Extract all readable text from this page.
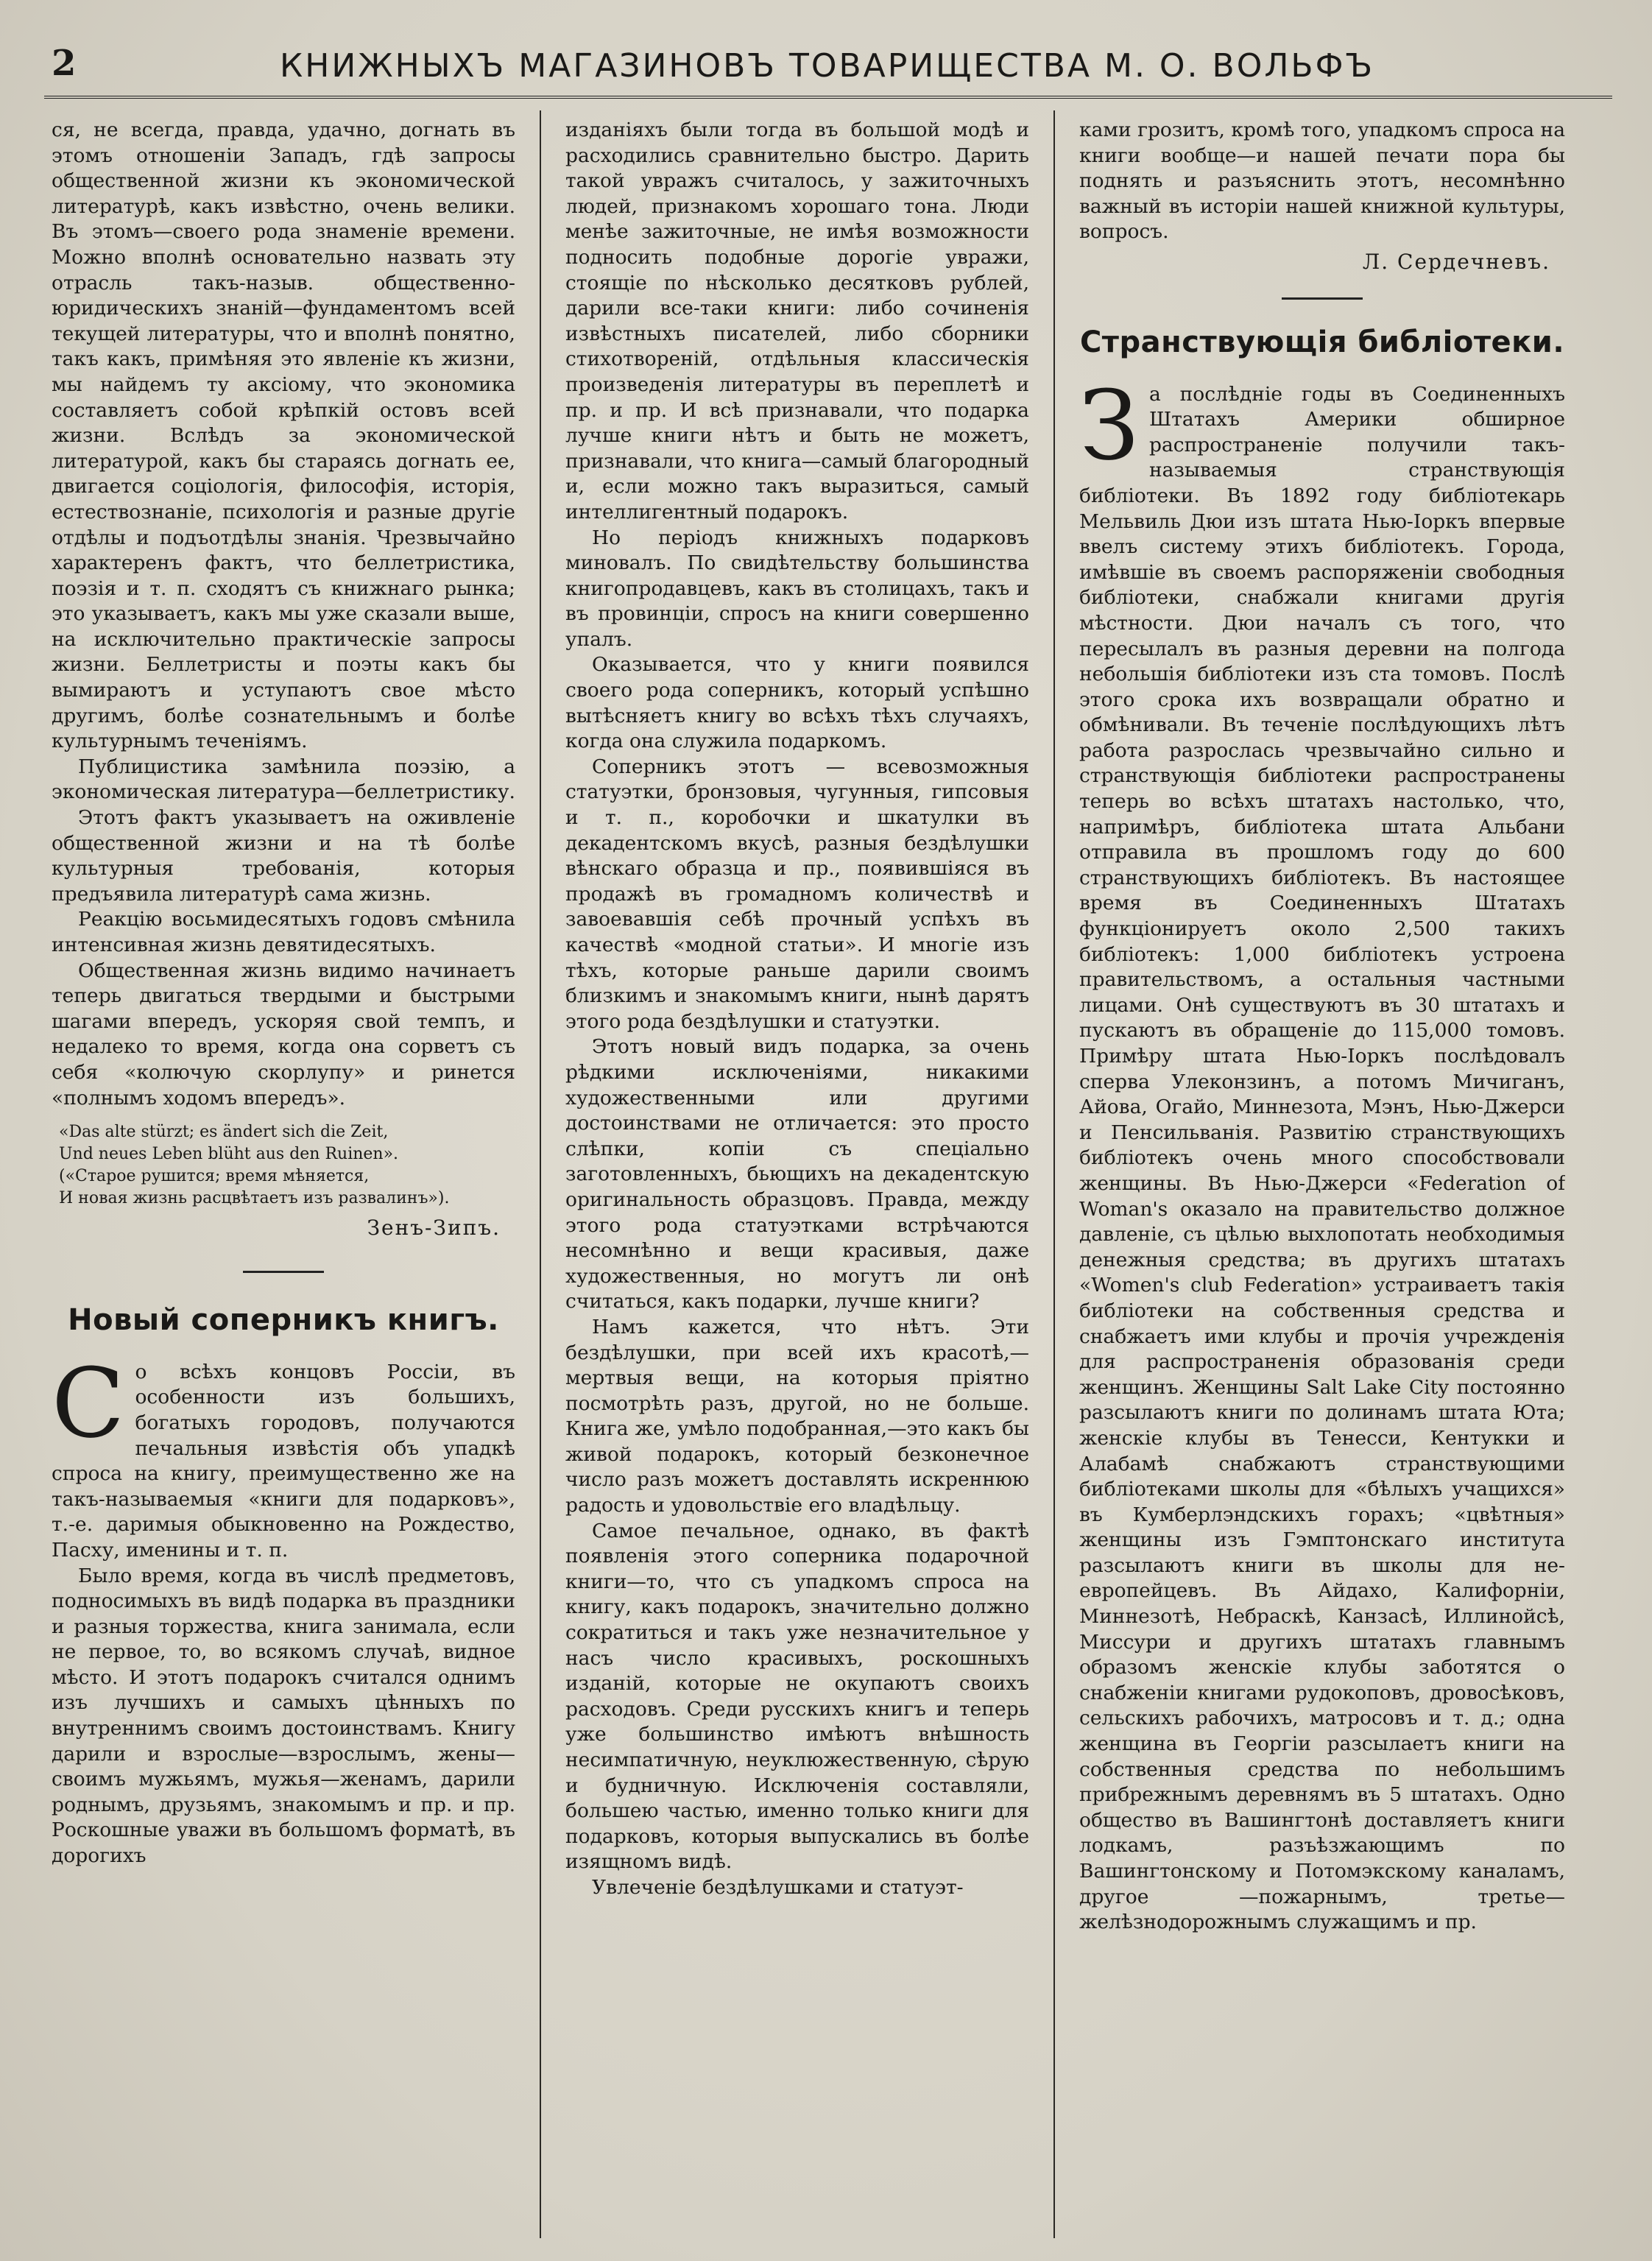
2	КНИЖНЫХЪ МАГАЗИНОВЪ ТОВАРИЩЕСТВА М. О. ВОЛЬФЪ

ся, не всегда, правда, удачно, догнать въ этомъ отношенiи Западъ, гдѣ запросы общественной жизни къ экономической литературѣ, какъ извѣстно, очень велики. Въ этомъ—своего рода знаменiе времени. Можно вполнѣ основательно назвать эту отрасль такъ-назыв. общественно-юридическихъ знанiй—фундаментомъ всей текущей литературы, что и вполнѣ понятно, такъ какъ, примѣняя это явленiе къ жизни, мы найдемъ ту аксiому, что экономика составляетъ собой крѣпкiй остовъ всей жизни. Вслѣдъ за экономической литературой, какъ бы стараясь догнать ее, двигается соцiологiя, философiя, исторiя, естествознанiе, психологiя и разные другiе отдѣлы и подъотдѣлы знанiя. Чрезвычайно характеренъ фактъ, что беллетристика, поэзiя и т. п. сходятъ съ книжнаго рынка; это указываетъ, какъ мы уже сказали выше, на исключительно практическiе запросы жизни. Беллетристы и поэты какъ бы вымираютъ и уступаютъ свое мѣсто другимъ, болѣе сознательнымъ и болѣе культурнымъ теченiямъ.

Публицистика замѣнила поэзiю, а экономическая литература—беллетристику.

Этотъ фактъ указываетъ на оживленiе общественной жизни и на тѣ болѣе культурныя требованiя, которыя предъявила литературѣ сама жизнь.

Реакцiю восьмидесятыхъ годовъ смѣнила интенсивная жизнь девятидесятыхъ.

Общественная жизнь видимо начинаетъ теперь двигаться твердыми и быстрыми шагами впередъ, ускоряя свой темпъ, и недалеко то время, когда она сорветъ съ себя «колючую скорлупу» и ринется «полнымъ ходомъ впередъ».

«Das alte stürzt; es ändert sich die Zeit,
Und neues Leben blüht aus den Ruinen».
(«Старое рушится; время мѣняется,
И новая жизнь расцвѣтаетъ изъ развалинъ»).
Зенъ-Зипъ.
Новый соперникъ книгъ.

Со всѣхъ концовъ Россiи, въ особенности изъ большихъ, богатыхъ городовъ, получаются печальныя извѣстiя объ упадкѣ спроса на книгу, преимущественно же на такъ-называемыя «книги для подарковъ», т.-е. даримыя обыкновенно на Рождество, Пасху, именины и т. п.

Было время, когда въ числѣ предметовъ, подносимыхъ въ видѣ подарка въ праздники и разныя торжества, книга занимала, если не первое, то, во всякомъ случаѣ, видное мѣсто. И этотъ подарокъ считался однимъ изъ лучшихъ и самыхъ цѣнныхъ по внутреннимъ своимъ достоинствамъ. Книгу дарили и взрослые—взрослымъ, жены—своимъ мужьямъ, мужья—женамъ, дарили роднымъ, друзьямъ, знакомымъ и пр. и пр. Роскошные уважи въ большомъ форматѣ, въ дорогихъ

изданiяхъ были тогда въ большой модѣ и расходились сравнительно быстро. Дарить такой увражъ считалось, у зажиточныхъ людей, признакомъ хорошаго тона. Люди менѣе зажиточные, не имѣя возможности подносить подобные дорогiе увражи, стоящiе по нѣсколько десятковъ рублей, дарили все-таки книги: либо сочиненiя извѣстныхъ писателей, либо сборники стихотворенiй, отдѣльныя классическiя произведенiя литературы въ переплетѣ и пр. и пр. И всѣ признавали, что подарка лучше книги нѣтъ и быть не можетъ, признавали, что книга—самый благородный и, если можно такъ выразиться, самый интеллигентный подарокъ.

Но перiодъ книжныхъ подарковъ миновалъ. По свидѣтельству большинства книгопродавцевъ, какъ въ столицахъ, такъ и въ провинцiи, спросъ на книги совершенно упалъ.

Оказывается, что у книги появился своего рода соперникъ, который успѣшно вытѣсняетъ книгу во всѣхъ тѣхъ случаяхъ, когда она служила подаркомъ.

Соперникъ этотъ — всевозможныя статуэтки, бронзовыя, чугунныя, гипсовыя и т. п., коробочки и шкатулки въ декадентскомъ вкусѣ, разныя бездѣлушки вѣнскаго образца и пр., появившiяся въ продажѣ въ громадномъ количествѣ и завоевавшiя себѣ прочный успѣхъ въ качествѣ «модной статьи». И многiе изъ тѣхъ, которые раньше дарили своимъ близкимъ и знакомымъ книги, нынѣ дарятъ этого рода бездѣлушки и статуэтки.

Этотъ новый видъ подарка, за очень рѣдкими исключенiями, никакими художественными или другими достоинствами не отличается: это просто слѣпки, копiи съ спецiально заготовленныхъ, бьющихъ на декадентскую оригинальность образцовъ. Правда, между этого рода статуэтками встрѣчаются несомнѣнно и вещи красивыя, даже художественныя, но могутъ ли онѣ считаться, какъ подарки, лучше книги?

Намъ кажется, что нѣтъ. Эти бездѣлушки, при всей ихъ красотѣ,—мертвыя вещи, на которыя прiятно посмотрѣть разъ, другой, но не больше. Книга же, умѣло подобранная,—это какъ бы живой подарокъ, который безконечное число разъ можетъ доставлять искреннюю радость и удовольствiе его владѣльцу.

Самое печальное, однако, въ фактѣ появленiя этого соперника подарочной книги—то, что съ упадкомъ спроса на книгу, какъ подарокъ, значительно должно сократиться и такъ уже незначительное у насъ число красивыхъ, роскошныхъ изданiй, которые не окупаютъ своихъ расходовъ. Среди русскихъ книгъ и теперь уже большинство имѣютъ внѣшность несимпатичную, неуклюжественную, сѣрую и будничную. Исключенiя составляли, большею частью, именно только книги для подарковъ, которыя выпускались въ болѣе изящномъ видѣ.

Увлеченiе бездѣлушками и статуэт-

ками грозитъ, кромѣ того, упадкомъ спроса на книги вообще—и нашей печати пора бы поднять и разъяснить этотъ, несомнѣнно важный въ исторiи нашей книжной культуры, вопросъ.

Л. Сердечневъ.
Странствующiя библiотеки.

За послѣднiе годы въ Соединенныхъ Штатахъ Америки обширное распространенiе получили такъ-называемыя странствующiя библiотеки. Въ 1892 году библiотекарь Мельвиль Дюи изъ штата Нью-Iоркъ впервые ввелъ систему этихъ библiотекъ. Города, имѣвшiе въ своемъ распоряженiи свободныя библiотеки, снабжали книгами другiя мѣстности. Дюи началъ съ того, что пересылалъ въ разныя деревни на полгода небольшiя библiотеки изъ ста томовъ. Послѣ этого срока ихъ возвращали обратно и обмѣнивали. Въ теченiе послѣдующихъ лѣтъ работа разрослась чрезвычайно сильно и странствующiя библiотеки распространены теперь во всѣхъ штатахъ настолько, что, напримѣръ, библiотека штата Альбани отправила въ прошломъ году до 600 странствующихъ библiотекъ. Въ настоящее время въ Соединенныхъ Штатахъ функцiонируетъ около 2,500 такихъ библiотекъ: 1,000 библiотекъ устроена правительствомъ, а остальныя частными лицами. Онѣ существуютъ въ 30 штатахъ и пускаютъ въ обращенiе до 115,000 томовъ. Примѣру штата Нью-Iоркъ послѣдовалъ сперва Улеконзинъ, а потомъ Мичиганъ, Айова, Огайо, Миннезота, Мэнъ, Нью-Джерси и Пенсильванiя. Развитiю странствующихъ библiотекъ очень много способствовали женщины. Въ Нью-Джерси «Federation of Woman's оказало на правительство должное давленiе, съ цѣлью выхлопотать необходимыя денежныя средства; въ другихъ штатахъ «Women's club Federation» устраиваетъ такiя библiотеки на собственныя средства и снабжаетъ ими клубы и прочiя учрежденiя для распространенiя образованiя среди женщинъ. Женщины Salt Lake City постоянно разсылаютъ книги по долинамъ штата Юта; женскiе клубы въ Тенесси, Кентукки и Алабамѣ снабжаютъ странствующими библiотеками школы для «бѣлыхъ учащихся» въ Кумберлэндскихъ горахъ; «цвѣтныя» женщины изъ Гэмптонскаго института разсылаютъ книги въ школы для не-европейцевъ. Въ Айдахо, Калифорнiи, Миннезотѣ, Небраскѣ, Канзасѣ, Иллинойсѣ, Миссури и другихъ штатахъ главнымъ образомъ женскiе клубы заботятся о снабженiи книгами рудокоповъ, дровосѣковъ, сельскихъ рабочихъ, матросовъ и т. д.; одна женщина въ Георгiи разсылаетъ книги на собственныя средства по небольшимъ прибрежнымъ деревнямъ въ 5 штатахъ. Одно общество въ Вашингтонѣ доставляетъ книги лодкамъ, разъѣзжающимъ по Вашингтонскому и Потомэкскому каналамъ, другое —пожарнымъ, третье—желѣзнодорожнымъ служащимъ и пр.
